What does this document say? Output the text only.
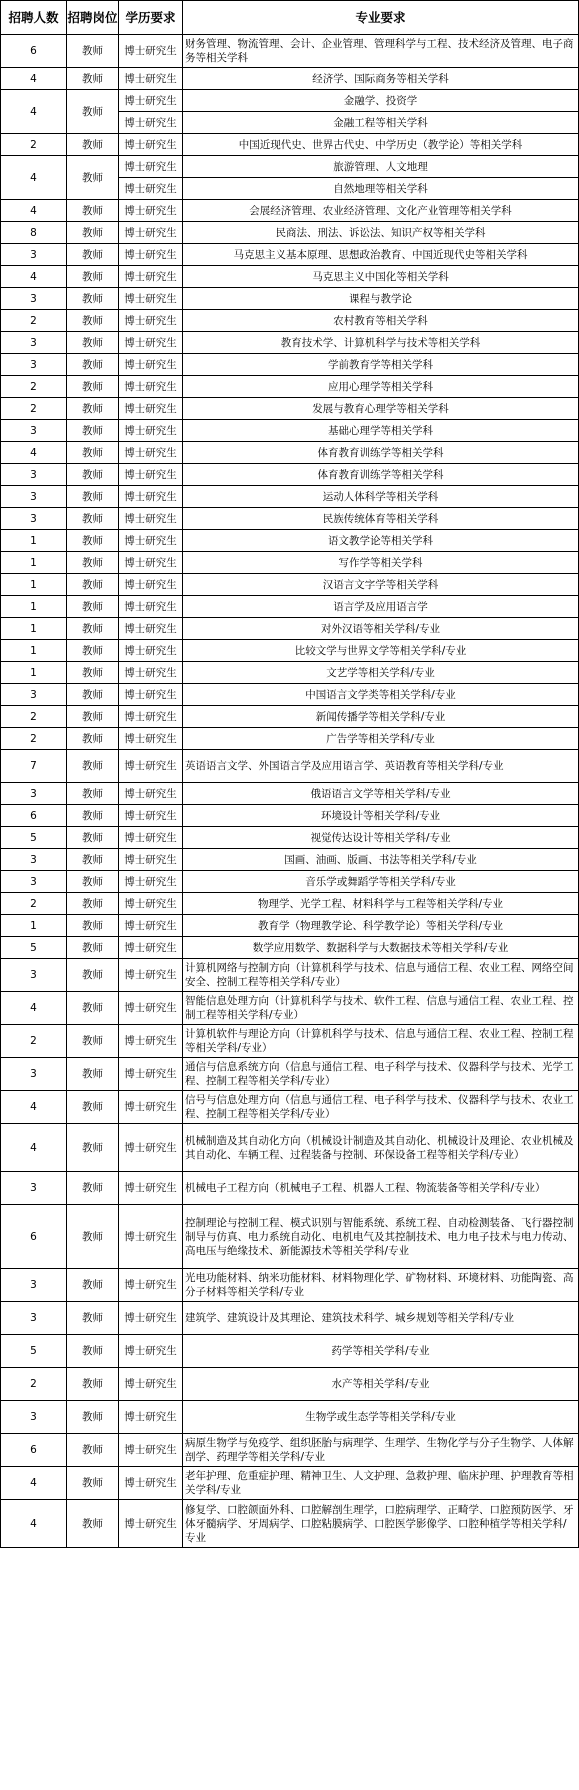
招聘人数	招聘岗位	学历要求	专业要求
6	教师	博士研究生	财务管理、物流管理、会计、企业管理、管理科学与工程、技术经济及管理、电子商务等相关学科
4	教师	博士研究生	经济学、国际商务等相关学科
4	教师	博士研究生	金融学、投资学
		博士研究生	金融工程等相关学科
2	教师	博士研究生	中国近现代史、世界古代史、中学历史（教学论）等相关学科
4	教师	博士研究生	旅游管理、人文地理
		博士研究生	自然地理等相关学科
4	教师	博士研究生	会展经济管理、农业经济管理、文化产业管理等相关学科
8	教师	博士研究生	民商法、刑法、诉讼法、知识产权等相关学科
3	教师	博士研究生	马克思主义基本原理、思想政治教育、中国近现代史等相关学科
4	教师	博士研究生	马克思主义中国化等相关学科
3	教师	博士研究生	课程与教学论
2	教师	博士研究生	农村教育等相关学科
3	教师	博士研究生	教育技术学、计算机科学与技术等相关学科
3	教师	博士研究生	学前教育学等相关学科
2	教师	博士研究生	应用心理学等相关学科
2	教师	博士研究生	发展与教育心理学等相关学科
3	教师	博士研究生	基础心理学等相关学科
4	教师	博士研究生	体育教育训练学等相关学科
3	教师	博士研究生	体育教育训练学等相关学科
3	教师	博士研究生	运动人体科学等相关学科
3	教师	博士研究生	民族传统体育等相关学科
1	教师	博士研究生	语文教学论等相关学科
1	教师	博士研究生	写作学等相关学科
1	教师	博士研究生	汉语言文字学等相关学科
1	教师	博士研究生	语言学及应用语言学
1	教师	博士研究生	对外汉语等相关学科/专业
1	教师	博士研究生	比较文学与世界文学等相关学科/专业
1	教师	博士研究生	文艺学等相关学科/专业
3	教师	博士研究生	中国语言文学类等相关学科/专业
2	教师	博士研究生	新闻传播学等相关学科/专业
2	教师	博士研究生	广告学等相关学科/专业
7	教师	博士研究生	英语语言文学、外国语言学及应用语言学、英语教育等相关学科/专业
3	教师	博士研究生	俄语语言文学等相关学科/专业
6	教师	博士研究生	环境设计等相关学科/专业
5	教师	博士研究生	视觉传达设计等相关学科/专业
3	教师	博士研究生	国画、油画、版画、书法等相关学科/专业
3	教师	博士研究生	音乐学或舞蹈学等相关学科/专业
2	教师	博士研究生	物理学、光学工程、材料科学与工程等相关学科/专业
1	教师	博士研究生	教育学（物理教学论、科学教学论）等相关学科/专业
5	教师	博士研究生	数学应用数学、数据科学与大数据技术等相关学科/专业
3	教师	博士研究生	计算机网络与控制方向（计算机科学与技术、信息与通信工程、农业工程、网络空间安全、控制工程等相关学科/专业）
4	教师	博士研究生	智能信息处理方向（计算机科学与技术、软件工程、信息与通信工程、农业工程、控制工程等相关学科/专业）
2	教师	博士研究生	计算机软件与理论方向（计算机科学与技术、信息与通信工程、农业工程、控制工程等相关学科/专业）
3	教师	博士研究生	通信与信息系统方向（信息与通信工程、电子科学与技术、仪器科学与技术、光学工程、控制工程等相关学科/专业）
4	教师	博士研究生	信号与信息处理方向（信息与通信工程、电子科学与技术、仪器科学与技术、农业工程、控制工程等相关学科/专业）
4	教师	博士研究生	机械制造及其自动化方向（机械设计制造及其自动化、机械设计及理论、农业机械及其自动化、车辆工程、过程装备与控制、环保设备工程等相关学科/专业）
3	教师	博士研究生	机械电子工程方向（机械电子工程、机器人工程、物流装备等相关学科/专业）
6	教师	博士研究生	控制理论与控制工程、模式识别与智能系统、系统工程、自动检测装备、飞行器控制制导与仿真、电力系统自动化、电机电气及其控制技术、电力电子技术与电力传动、高电压与绝缘技术、新能源技术等相关学科/专业
3	教师	博士研究生	光电功能材料、纳米功能材料、材料物理化学、矿物材料、环境材料、功能陶瓷、高分子材料等相关学科/专业
3	教师	博士研究生	建筑学、建筑设计及其理论、建筑技术科学、城乡规划等相关学科/专业
5	教师	博士研究生	药学等相关学科/专业
2	教师	博士研究生	水产等相关学科/专业
3	教师	博士研究生	生物学或生态学等相关学科/专业
6	教师	博士研究生	病原生物学与免疫学、组织胚胎与病理学、生理学、生物化学与分子生物学、人体解剖学、药理学等相关学科/专业
4	教师	博士研究生	老年护理、危重症护理、精神卫生、人文护理、急救护理、临床护理、护理教育等相关学科/专业
4	教师	博士研究生	修复学、口腔颌面外科、口腔解剖生理学，口腔病理学、正畸学、口腔预防医学、牙体牙髓病学、牙周病学、口腔粘膜病学、口腔医学影像学、口腔种植学等相关学科/专业
